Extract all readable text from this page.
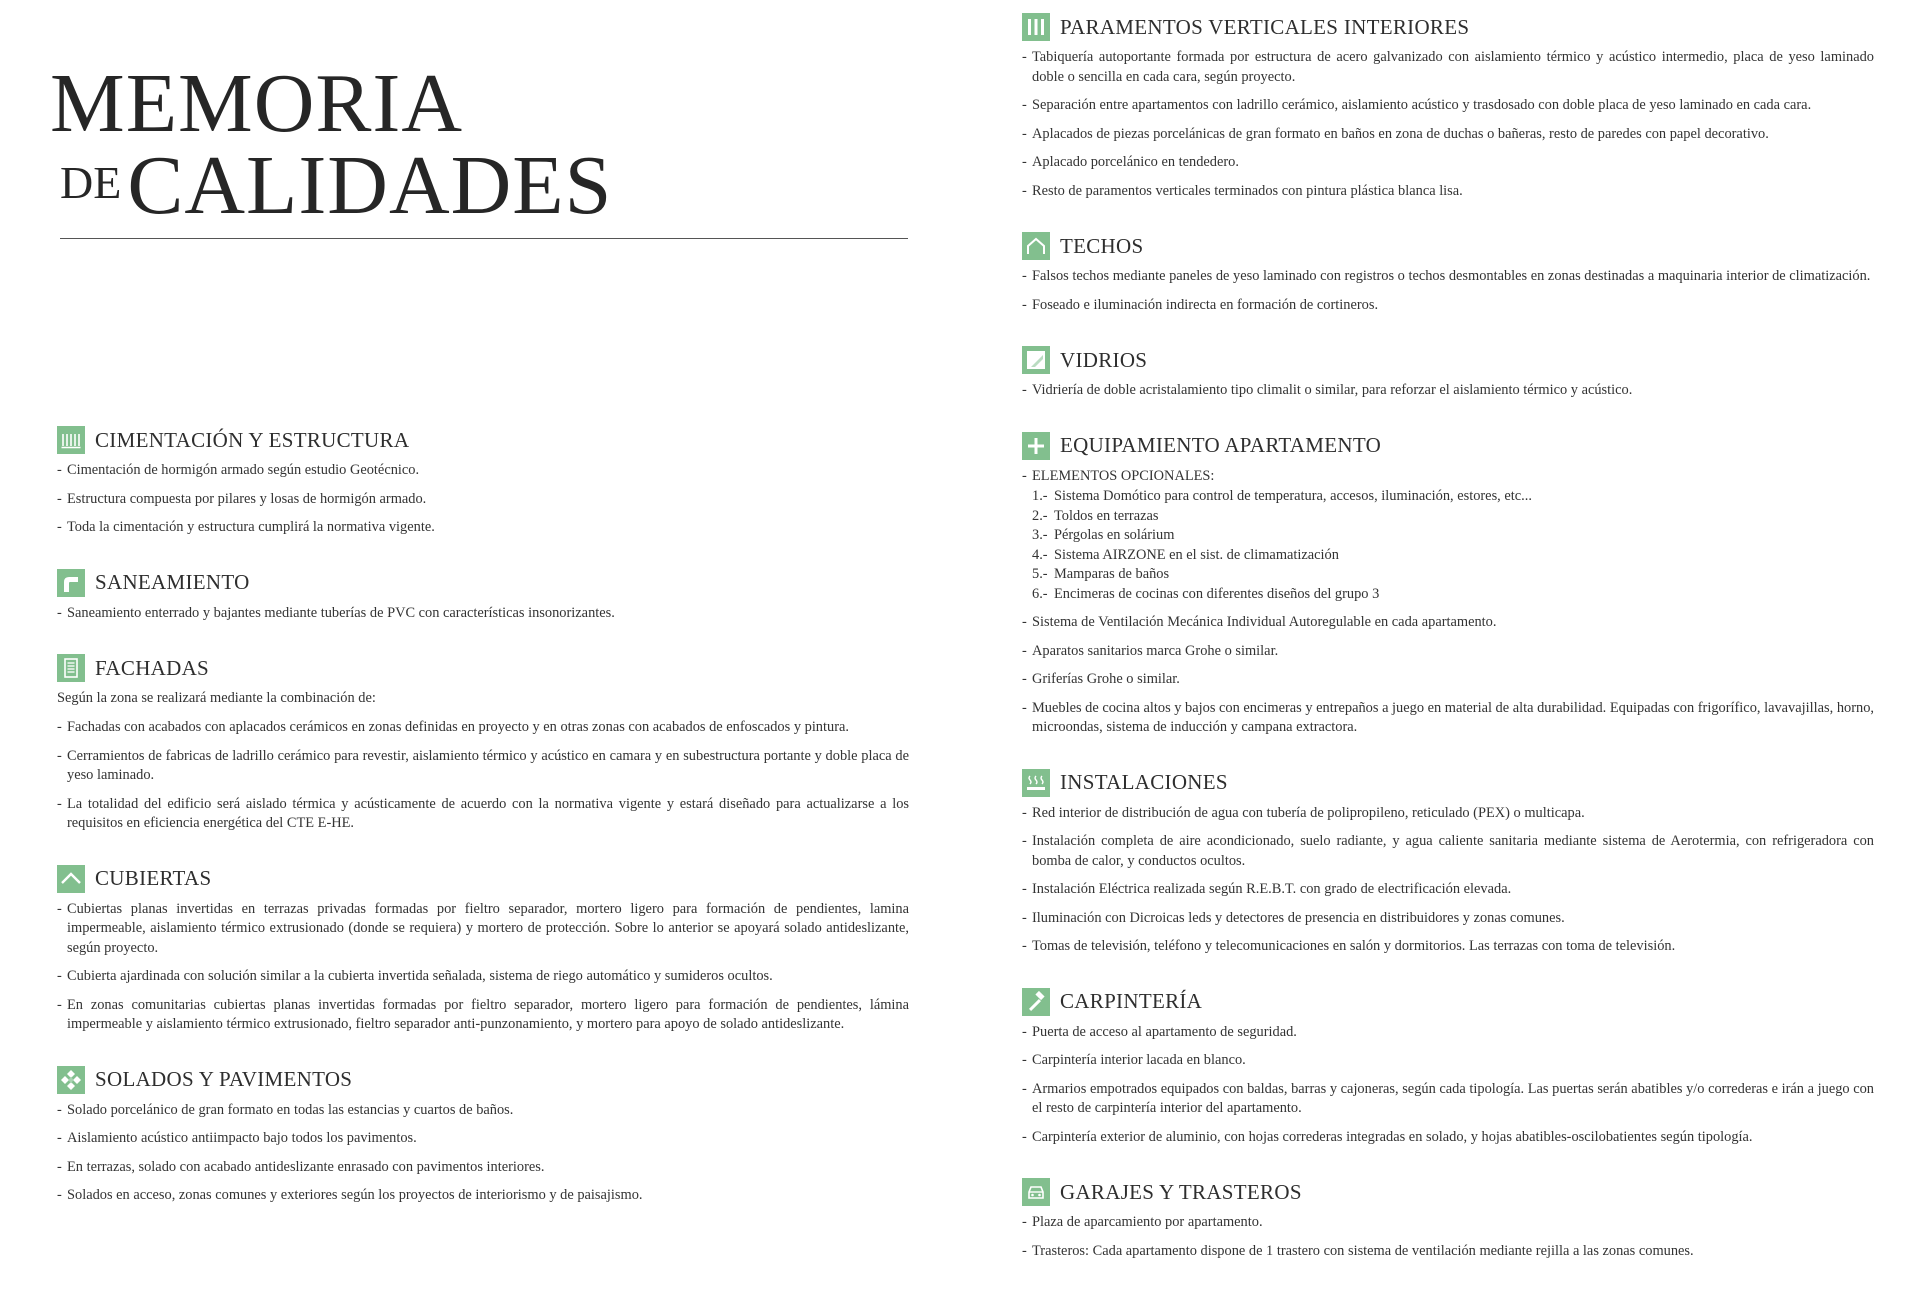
MEMORIA
DE CALIDADES
CIMENTACIÓN Y ESTRUCTURA
- Cimentación de hormigón armado según estudio Geotécnico.
- Estructura compuesta por pilares y losas de hormigón armado.
- Toda la cimentación y estructura cumplirá la normativa vigente.
SANEAMIENTO
- Saneamiento enterrado y bajantes mediante tuberías de PVC con características insonorizantes.
FACHADAS
Según la zona se realizará mediante la combinación de:
- Fachadas con acabados con aplacados cerámicos en zonas definidas en proyecto y en otras zonas con acabados de enfoscados y pintura.
- Cerramientos de fabricas de ladrillo cerámico para revestir, aislamiento térmico y acústico en camara y en subestructura portante y doble placa de yeso laminado.
- La totalidad del edificio será aislado térmica y acústicamente de acuerdo con la normativa vigente y estará diseñado para actualizarse a los requisitos en eficiencia energética del CTE E-HE.
CUBIERTAS
- Cubiertas planas invertidas en terrazas privadas formadas por fieltro separador, mortero ligero para formación de pendientes, lamina impermeable, aislamiento térmico extrusionado (donde se requiera) y mortero de protección. Sobre lo anterior se apoyará solado antideslizante, según proyecto.
- Cubierta ajardinada con solución similar a la cubierta invertida señalada, sistema de riego automático y sumideros ocultos.
- En zonas comunitarias cubiertas planas invertidas formadas por fieltro separador, mortero ligero para formación de pendientes, lámina impermeable y aislamiento térmico extrusionado, fieltro separador anti-punzonamiento, y mortero para apoyo de solado antideslizante.
SOLADOS Y PAVIMENTOS
- Solado porcelánico de gran formato en todas las estancias y cuartos de baños.
- Aislamiento acústico antiimpacto bajo todos los pavimentos.
- En terrazas, solado con acabado antideslizante enrasado con pavimentos interiores.
- Solados en acceso, zonas comunes y exteriores según los proyectos de interiorismo y de paisajismo.
PARAMENTOS VERTICALES INTERIORES
- Tabiquería autoportante formada por estructura de acero galvanizado con aislamiento térmico y acústico intermedio, placa de yeso laminado doble o sencilla en cada cara, según proyecto.
- Separación entre apartamentos con ladrillo cerámico, aislamiento acústico y trasdosado con doble placa de yeso laminado en cada cara.
- Aplacados de piezas porcelánicas de gran formato en baños en zona de duchas o bañeras, resto de paredes con papel decorativo.
- Aplacado porcelánico en tendedero.
- Resto de paramentos verticales terminados con pintura plástica blanca lisa.
TECHOS
- Falsos techos mediante paneles de yeso laminado con registros o techos desmontables en zonas destinadas a maquinaria interior de climatización.
- Foseado e iluminación indirecta en formación de cortineros.
VIDRIOS
- Vidriería de doble acristalamiento tipo climalit o similar, para reforzar el aislamiento térmico y acústico.
EQUIPAMIENTO APARTAMENTO
- ELEMENTOS OPCIONALES:
1.- Sistema Domótico para control de temperatura, accesos, iluminación, estores, etc...
2.- Toldos en terrazas
3.- Pérgolas en solárium
4.- Sistema AIRZONE en el sist. de climamatización
5.- Mamparas de baños
6.- Encimeras de cocinas con diferentes diseños del grupo 3
- Sistema de Ventilación Mecánica Individual Autoregulable en cada apartamento.
- Aparatos sanitarios marca Grohe o similar.
- Griferías Grohe o similar.
- Muebles de cocina altos y bajos con encimeras y entrepaños a juego en material de alta durabilidad. Equipadas con frigorífico, lavavajillas, horno, microondas, sistema de inducción y campana extractora.
INSTALACIONES
- Red interior de distribución de agua con tubería de polipropileno, reticulado (PEX) o multicapa.
- Instalación completa de aire acondicionado, suelo radiante, y agua caliente sanitaria mediante sistema de Aerotermia, con refrigeradora con bomba de calor, y conductos ocultos.
- Instalación Eléctrica realizada según R.E.B.T. con grado de electrificación elevada.
- Iluminación con Dicroicas leds y detectores de presencia en distribuidores y zonas comunes.
- Tomas de televisión, teléfono y telecomunicaciones en salón y dormitorios. Las terrazas con toma de televisión.
CARPINTERÍA
- Puerta de acceso al apartamento de seguridad.
- Carpintería interior lacada en blanco.
- Armarios empotrados equipados con baldas, barras y cajoneras, según cada tipología. Las puertas serán abatibles y/o correderas e irán a juego con el resto de carpintería interior del apartamento.
- Carpintería exterior de aluminio, con hojas correderas integradas en solado, y hojas abatibles-oscilobatientes según tipología.
GARAJES Y TRASTEROS
- Plaza de aparcamiento por apartamento.
- Trasteros: Cada apartamento dispone de 1 trastero con sistema de ventilación mediante rejilla a las zonas comunes.
